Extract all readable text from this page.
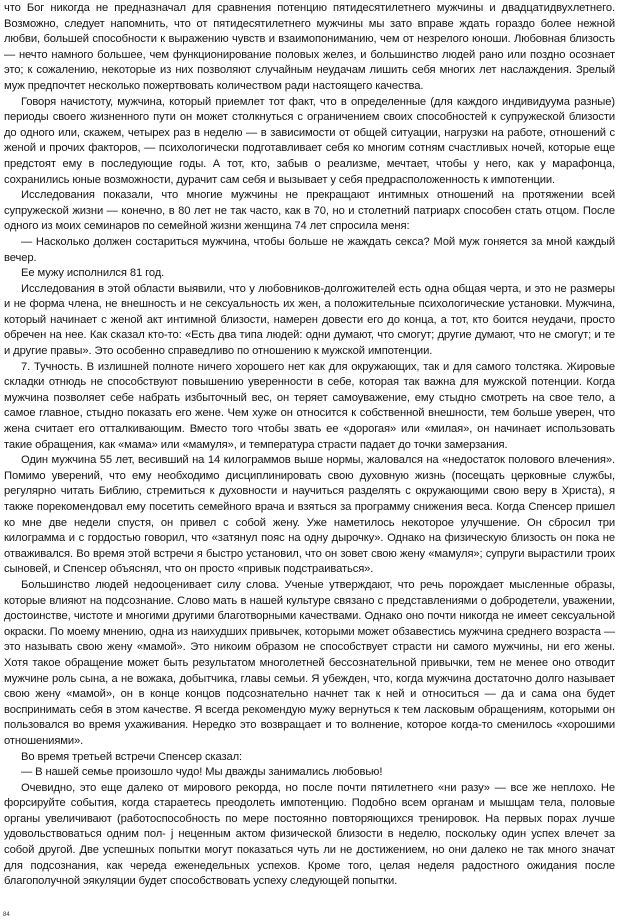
что Бог никогда не предназначал для сравнения потенцию пятидесятилетнего мужчины и двадцатидвухлетнего. Возможно, следует напомнить, что от пятидесятилетнего мужчины мы зато вправе ждать гораздо более нежной любви, большей способности к выражению чувств и взаимопониманию, чем от незрелого юноши. Любовная близость — нечто намного большее, чем функционирование половых желез, и большинство людей рано или поздно осознает это; к сожалению, некоторые из них позволяют случайным неудачам лишить себя многих лет наслаждения. Зрелый муж предпочтет несколько пожертвовать количеством ради настоящего качества.

Говоря начистоту, мужчина, который приемлет тот факт, что в определенные (для каждого индивидуума разные) периоды своего жизненного пути он может столкнуться с ограничением своих способностей к супружеской близости до одного или, скажем, четырех раз в неделю — в зависимости от общей ситуации, нагрузки на работе, отношений с женой и прочих факторов, — психологически подготавливает себя ко многим сотням счастливых ночей, которые еще предстоят ему в последующие годы. А тот, кто, забыв о реализме, мечтает, чтобы у него, как у марафонца, сохранились юные возможности, дурачит сам себя и вызывает у себя предрасположенность к импотенции.

Исследования показали, что многие мужчины не прекращают интимных отношений на протяжении всей супружеской жизни — конечно, в 80 лет не так часто, как в 70, но и столетний патриарх способен стать отцом. После одного из моих семинаров по семейной жизни женщина 74 лет спросила меня:

— Насколько должен состариться мужчина, чтобы больше не жаждать секса? Мой муж гоняется за мной каждый вечер.

Ее мужу исполнился 81 год.

Исследования в этой области выявили, что у любовников-долгожителей есть одна общая черта, и это не размеры и не форма члена, не внешность и не сексуальность их жен, а положительные психологические установки. Мужчина, который начинает с женой акт интимной близости, намерен довести его до конца, а тот, кто боится неудачи, просто обречен на нее. Как сказал кто-то: «Есть два типа людей: одни думают, что смогут; другие думают, что не смогут; и те и другие правы». Это особенно справедливо по отношению к мужской импотенции.

7. Тучность. В излишней полноте ничего хорошего нет как для окружающих, так и для самого толстяка. Жировые складки отнюдь не способствуют повышению уверенности в себе, которая так важна для мужской потенции. Когда мужчина позволяет себе набрать избыточный вес, он теряет самоуважение, ему стыдно смотреть на свое тело, а самое главное, стыдно показать его жене. Чем хуже он относится к собственной внешности, тем больше уверен, что жена считает его отталкивающим. Вместо того чтобы звать ее «дорогая» или «милая», он начинает использовать такие обращения, как «мама» или «мамуля», и температура страсти падает до точки замерзания.

Один мужчина 55 лет, весивший на 14 килограммов выше нормы, жаловался на «недостаток полового влечения». Помимо уверений, что ему необходимо дисциплинировать свою духовную жизнь (посещать церковные службы, регулярно читать Библию, стремиться к духовности и научиться разделять с окружающими свою веру в Христа), я также порекомендовал ему посетить семейного врача и взяться за программу снижения веса. Когда Спенсер пришел ко мне две недели спустя, он привел с собой жену. Уже наметилось некоторое улучшение. Он сбросил три килограмма и с гордостью говорил, что «затянул пояс на одну дырочку». Однако на физическую близость он пока не отваживался. Во время этой встречи я быстро установил, что он зовет свою жену «мамуля»; супруги вырастили троих сыновей, и Спенсер объяснял, что он просто «привык подстраиваться».

Большинство людей недооценивает силу слова. Ученые утверждают, что речь порождает мысленные образы, которые влияют на подсознание. Слово мать в нашей культуре связано с представлениями о добродетели, уважении, достоинстве, чистоте и многими другими благотворными качествами. Однако оно почти никогда не имеет сексуальной окраски. По моему мнению, одна из наихудших привычек, которыми может обзавестись мужчина среднего возраста — это называть свою жену «мамой». Это никоим образом не способствует страсти ни самого мужчины, ни его жены. Хотя такое обращение может быть результатом многолетней бессознательной привычки, тем не менее оно отводит мужчине роль сына, а не вожака, добытчика, главы семьи. Я убежден, что, когда мужчина достаточно долго называет свою жену «мамой», он в конце концов подсознательно начнет так к ней и относиться — да и сама она будет воспринимать себя в этом качестве. Я всегда рекомендую мужу вернуться к тем ласковым обращениям, которыми он пользовался во время ухаживания. Нередко это возвращает и то волнение, которое когда-то сменилось «хорошими отношениями».

Во время третьей встречи Спенсер сказал:

— В нашей семье произошло чудо! Мы дважды занимались любовью!

Очевидно, это еще далеко от мирового рекорда, но после почти пятилетнего «ни разу» — все же неплохо. Не форсируйте события, когда стараетесь преодолеть импотенцию. Подобно всем органам и мышцам тела, половые органы увеличивают (работоспособность по мере постоянно повторяющихся тренировок. На первых порах лучше удовольствоваться одним пол- j неценным актом физической близости в неделю, поскольку один успех влечет за собой другой. Две успешных попытки могут показаться чуть ли не достижением, но они далеко не так много значат для подсознания, как череда еженедельных успехов. Кроме того, целая неделя радостного ожидания после благополучной эякуляции будет способствовать успеху следующей попытки.

84
